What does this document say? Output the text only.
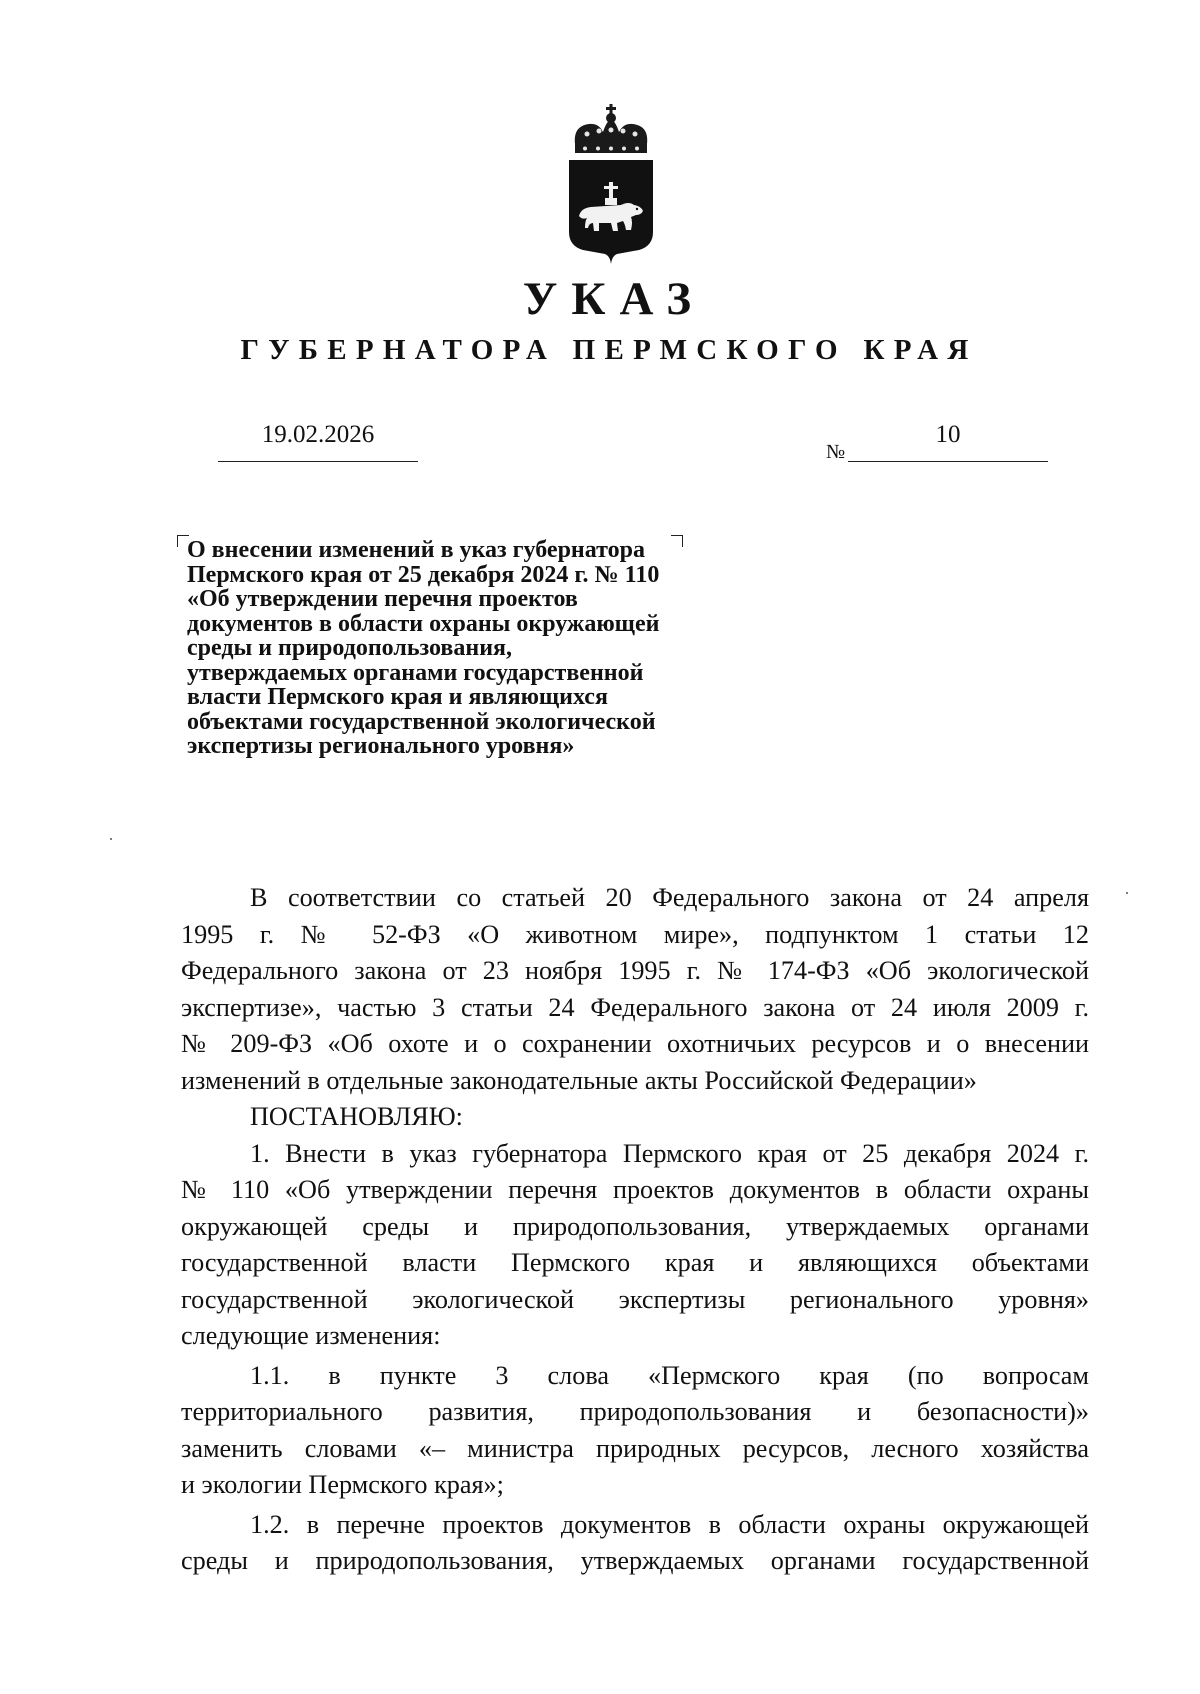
УКАЗ
ГУБЕРНАТОРА ПЕРМСКОГО КРАЯ
19.02.2026
№
10
О внесении изменений в указ губернатора
Пермского края от 25 декабря 2024 г. № 110
«Об утверждении перечня проектов
документов в области охраны окружающей
среды и природопользования,
утверждаемых органами государственной
власти Пермского края и являющихся
объектами государственной экологической
экспертизы регионального уровня»
В соответствии со статьей 20 Федерального закона от 24 апреля
1995 г. № 52-ФЗ «О животном мире», подпунктом 1 статьи 12
Федерального закона от 23 ноября 1995 г. № 174-ФЗ «Об экологической
экспертизе», частью 3 статьи 24 Федерального закона от 24 июля 2009 г.
№ 209-ФЗ «Об охоте и о сохранении охотничьих ресурсов и о внесении
изменений в отдельные законодательные акты Российской Федерации»
ПОСТАНОВЛЯЮ:
1. Внести в указ губернатора Пермского края от 25 декабря 2024 г.
№ 110 «Об утверждении перечня проектов документов в области охраны
окружающей среды и природопользования, утверждаемых органами
государственной власти Пермского края и являющихся объектами
государственной экологической экспертизы регионального уровня»
следующие изменения:
1.1. в пункте 3 слова «Пермского края (по вопросам
территориального развития, природопользования и безопасности)»
заменить словами «– министра природных ресурсов, лесного хозяйства
и экологии Пермского края»;
1.2. в перечне проектов документов в области охраны окружающей
среды и природопользования, утверждаемых органами государственной
